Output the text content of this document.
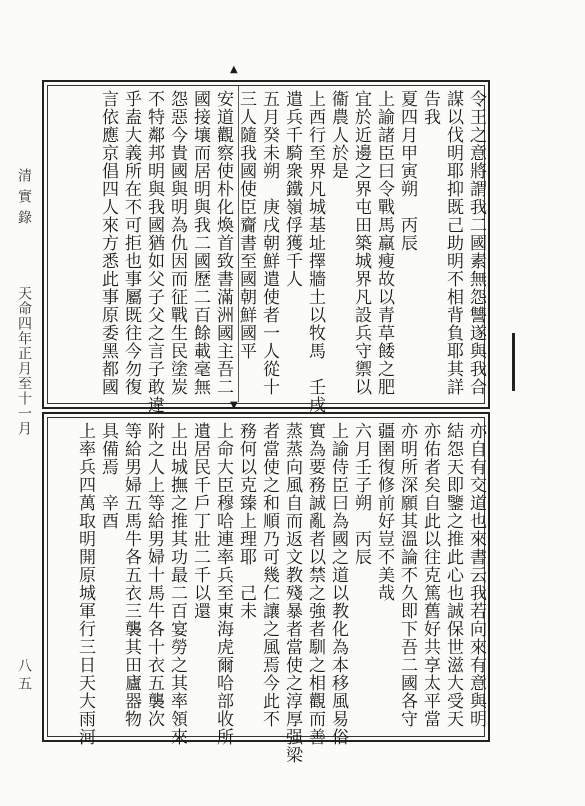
清實錄
天命四年正月至十一月
八五
▲
▼
令王之意將謂我二國素無怨讐遂與我合
謀以伐明耶抑既己助明不相背負耶其詳
告我
夏四月甲寅朔　丙辰
上諭諸臣曰令戰馬羸瘦故以青草餧之肥
宜於近邊之界屯田築城界凡設兵守禦以
衞農人於是
上西行至界凡城基址擇牆土以牧馬　壬戌
遣兵千騎衆鐵嶺俘獲千人
五月癸未朔　庚戌朝鮮遣使者一人從十
三人隨我國使臣齎書至國朝鮮國平
安道觀察使朴化煥首致書滿洲國主吾二
國接壤而居明與我二國歷二百餘載毫無
怨惡今貴國與明為仇因而征戰生民塗炭
不特鄰邦明與我國猶如父子父之言子敢違
乎盍大義所在不可拒也事屬既往今勿復
言依應京倡四人來方悉此事原委黑都國
亦自有交道也來書云我若向來有意與明
結怨天即鑒之推此心也誠保世滋大受天
亦佑者矣自此以往克篤舊好共享太平當
亦明所深願其溫論不久即下吾二國各守
疆圉復修前好豈不美哉
六月壬子朔　丙辰
上諭侍臣曰為國之道以教化為本移風易俗
實為要務誠亂者以禁之強者馴之相觀而善
蒸蒸向風自而返文教殘暴者當使之淳厚强梁
者當使之和順乃可幾仁讓之風焉今此不
務何以克臻上理耶　己未
上命大臣穆哈連率兵至東海虎爾哈部收所
遺居民千戶丁壯二千以還
上出城撫之推其功最二百宴勞之其率領來
附之人上等給男婦十馬牛各十衣五襲次
等給男婦五馬牛各五衣三襲其田廬器物
具備焉　辛酉
上率兵四萬取明開原城軍行三日天大雨河
